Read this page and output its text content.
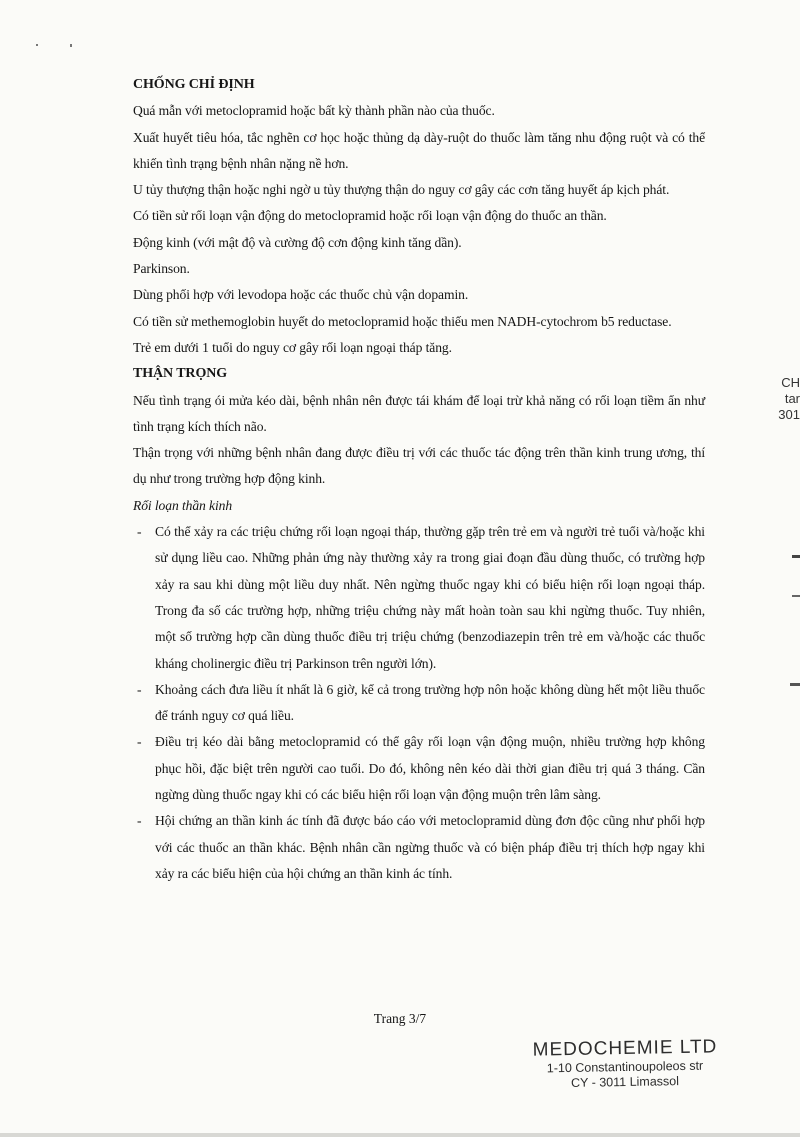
CHỐNG CHỈ ĐỊNH

Quá mẫn với metoclopramid hoặc bất kỳ thành phần nào của thuốc.

Xuất huyết tiêu hóa, tắc nghẽn cơ học hoặc thủng dạ dày-ruột do thuốc làm tăng nhu động ruột và có thể khiến tình trạng bệnh nhân nặng nề hơn.

U tủy thượng thận hoặc nghi ngờ u tủy thượng thận do nguy cơ gây các cơn tăng huyết áp kịch phát.

Có tiền sử rối loạn vận động do metoclopramid hoặc rối loạn vận động do thuốc an thần.

Động kinh (với mật độ và cường độ cơn động kinh tăng dần).

Parkinson.

Dùng phối hợp với levodopa hoặc các thuốc chủ vận dopamin.

Có tiền sử methemoglobin huyết do metoclopramid hoặc thiếu men NADH-cytochrom b5 reductase.

Trẻ em dưới 1 tuổi do nguy cơ gây rối loạn ngoại tháp tăng.

THẬN TRỌNG

Nếu tình trạng ói mửa kéo dài, bệnh nhân nên được tái khám để loại trừ khả năng có rối loạn tiềm ẩn như tình trạng kích thích não.

Thận trọng với những bệnh nhân đang được điều trị với các thuốc tác động trên thần kinh trung ương, thí dụ như trong trường hợp động kinh.

Rối loạn thần kinh

- Có thể xảy ra các triệu chứng rối loạn ngoại tháp, thường gặp trên trẻ em và người trẻ tuổi và/hoặc khi sử dụng liều cao. Những phản ứng này thường xảy ra trong giai đoạn đầu dùng thuốc, có trường hợp xảy ra sau khi dùng một liều duy nhất. Nên ngừng thuốc ngay khi có biểu hiện rối loạn ngoại tháp. Trong đa số các trường hợp, những triệu chứng này mất hoàn toàn sau khi ngừng thuốc. Tuy nhiên, một số trường hợp cần dùng thuốc điều trị triệu chứng (benzodiazepin trên trẻ em và/hoặc các thuốc kháng cholinergic điều trị Parkinson trên người lớn).
- Khoảng cách đưa liều ít nhất là 6 giờ, kể cả trong trường hợp nôn hoặc không dùng hết một liều thuốc để tránh nguy cơ quá liều.
- Điều trị kéo dài bằng metoclopramid có thể gây rối loạn vận động muộn, nhiều trường hợp không phục hồi, đặc biệt trên người cao tuổi. Do đó, không nên kéo dài thời gian điều trị quá 3 tháng. Cần ngừng dùng thuốc ngay khi có các biểu hiện rối loạn vận động muộn trên lâm sàng.
- Hội chứng an thần kinh ác tính đã được báo cáo với metoclopramid dùng đơn độc cũng như phối hợp với các thuốc an thần khác. Bệnh nhân cần ngừng thuốc và có biện pháp điều trị thích hợp ngay khi xảy ra các biểu hiện của hội chứng an thần kinh ác tính.
Trang 3/7
MEDOCHEMIE LTD
1-10 Constantinoupoleos str
CY - 3011 Limassol
CH
tar
301
